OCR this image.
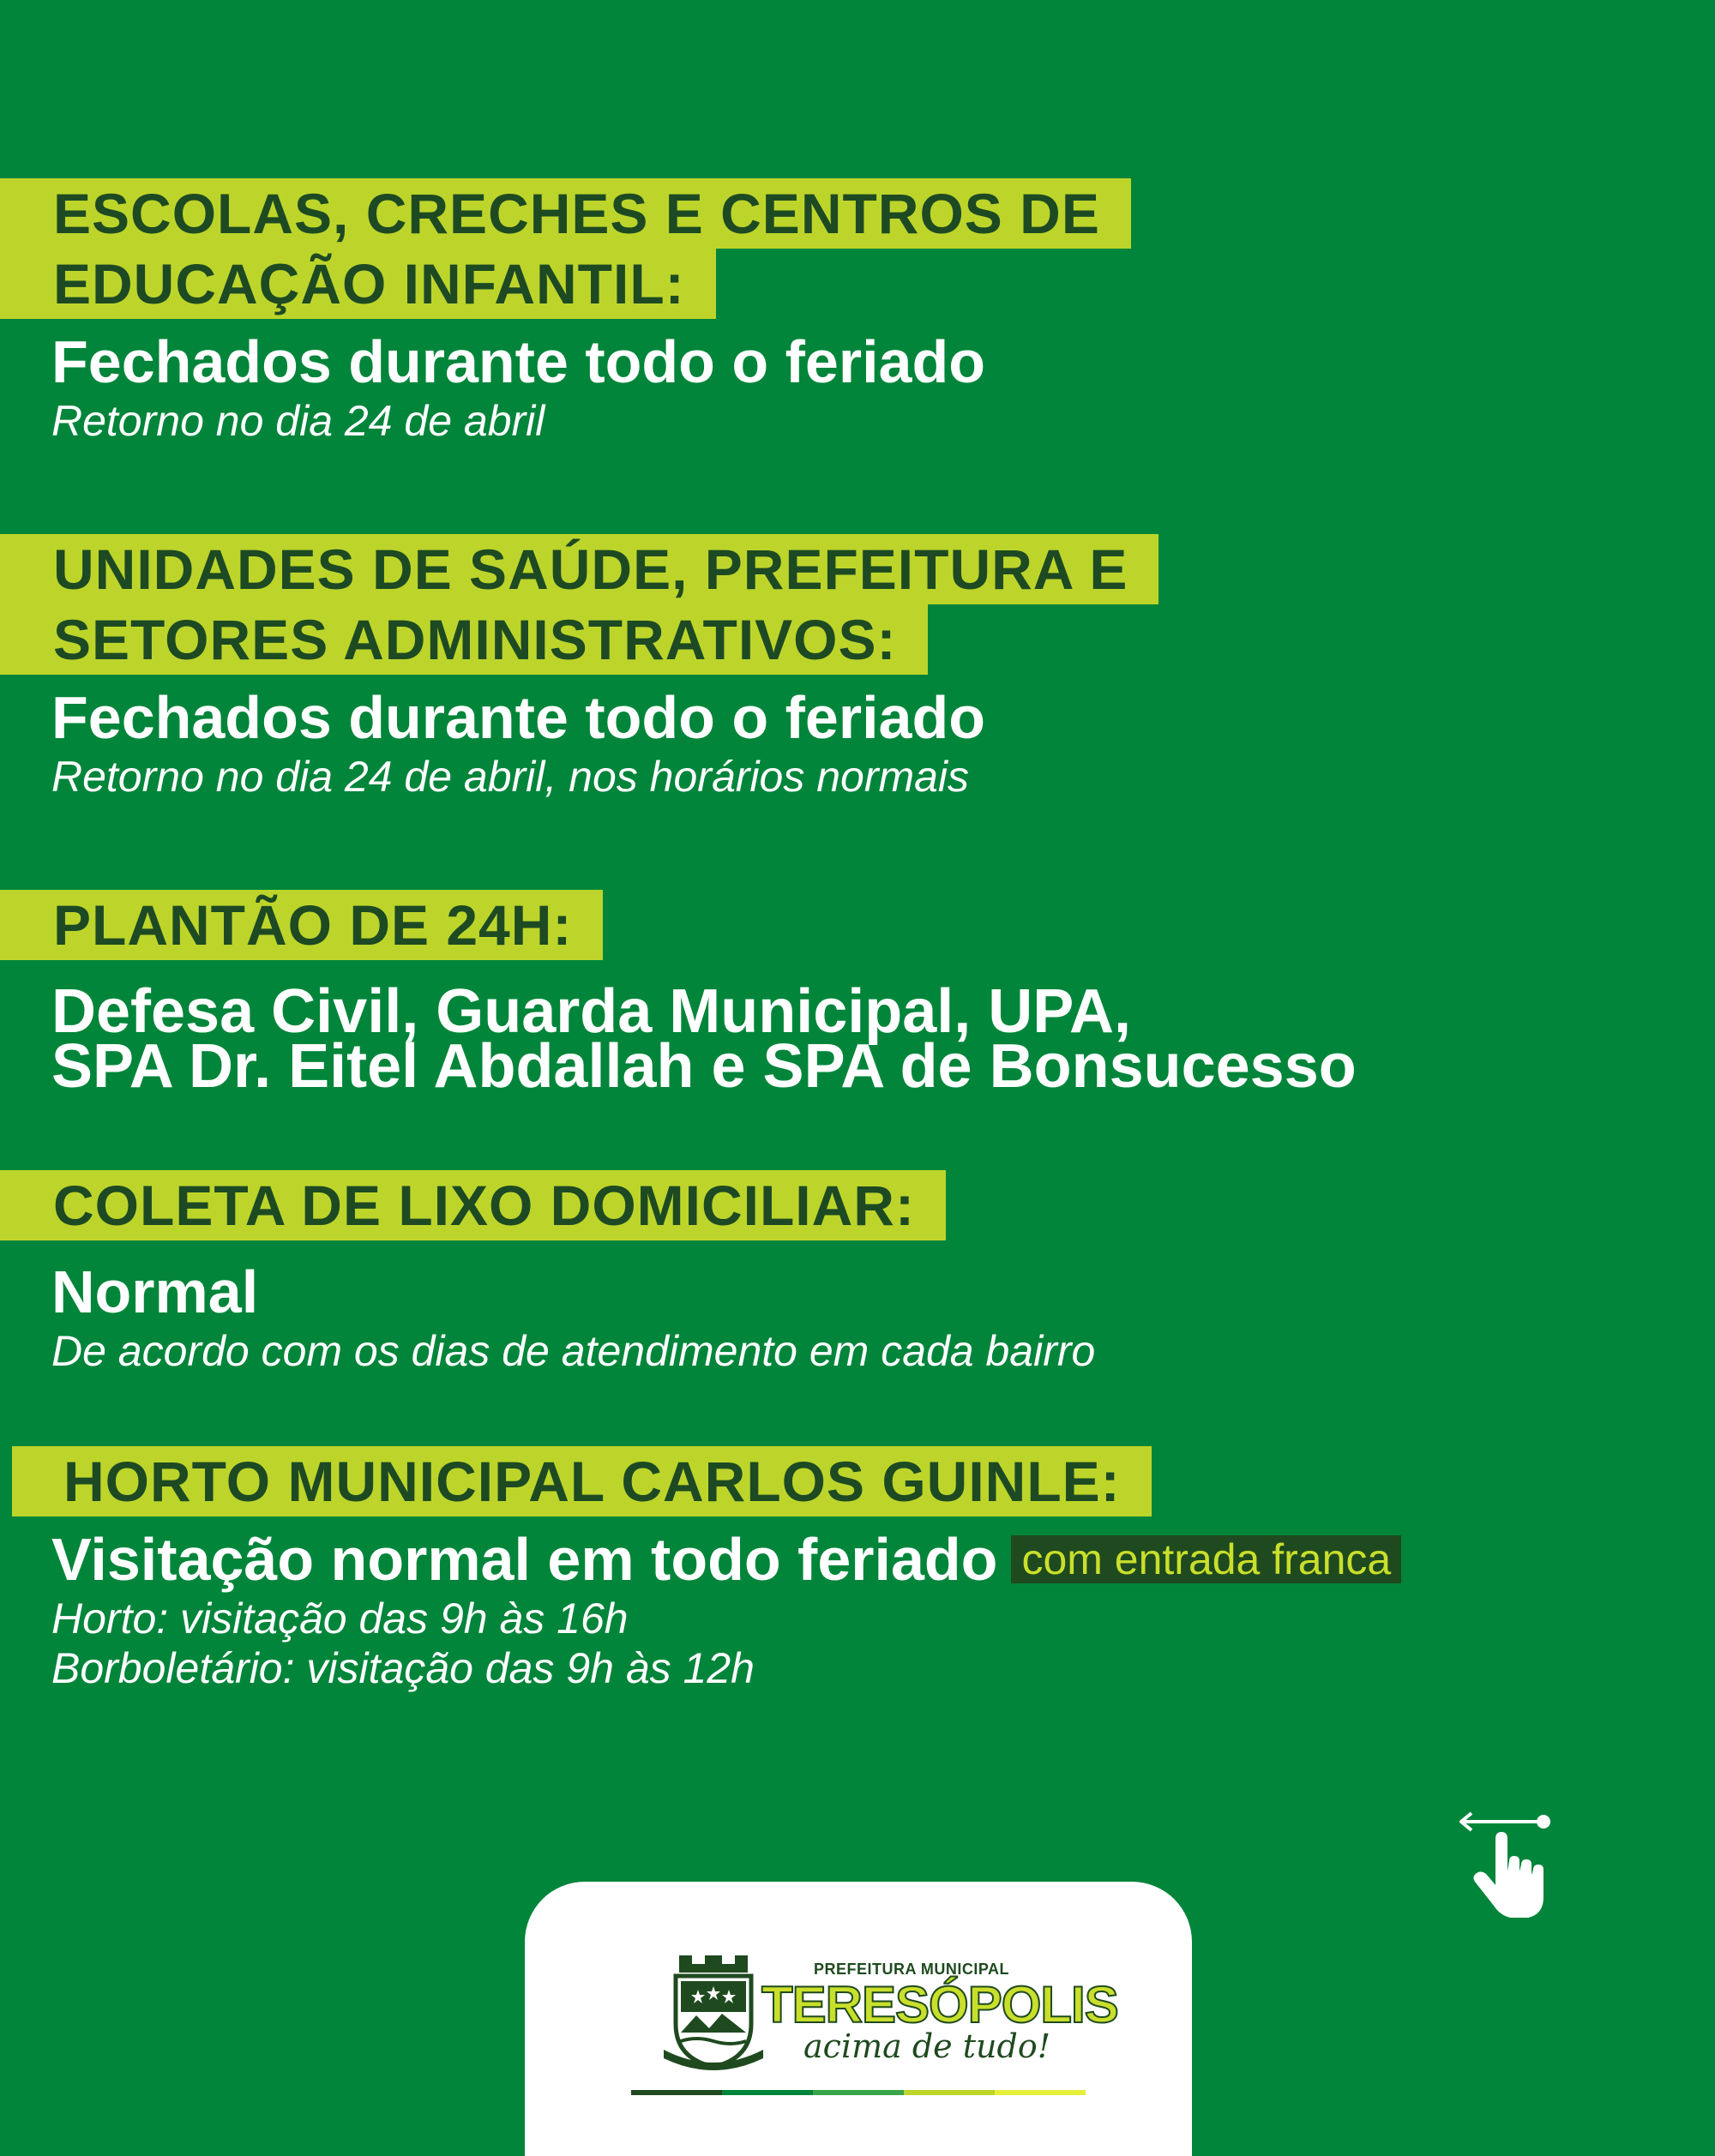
ESCOLAS, CRECHES E CENTROS DE
EDUCAÇÃO INFANTIL:
Fechados durante todo o feriado
Retorno no dia 24 de abril
UNIDADES DE SAÚDE, PREFEITURA E
SETORES ADMINISTRATIVOS:
Fechados durante todo o feriado
Retorno no dia 24 de abril, nos horários normais
PLANTÃO DE 24H:
Defesa Civil, Guarda Municipal, UPA,
SPA Dr. Eitel Abdallah e SPA de Bonsucesso
COLETA DE LIXO DOMICILIAR:
Normal
De acordo com os dias de atendimento em cada bairro
HORTO MUNICIPAL CARLOS GUINLE:
Visitação normal em todo feriado com entrada franca
Horto: visitação das 9h às 16h
Borboletário: visitação das 9h às 12h
PREFEITURA MUNICIPAL
TERESÓPOLIS
acima de tudo!
